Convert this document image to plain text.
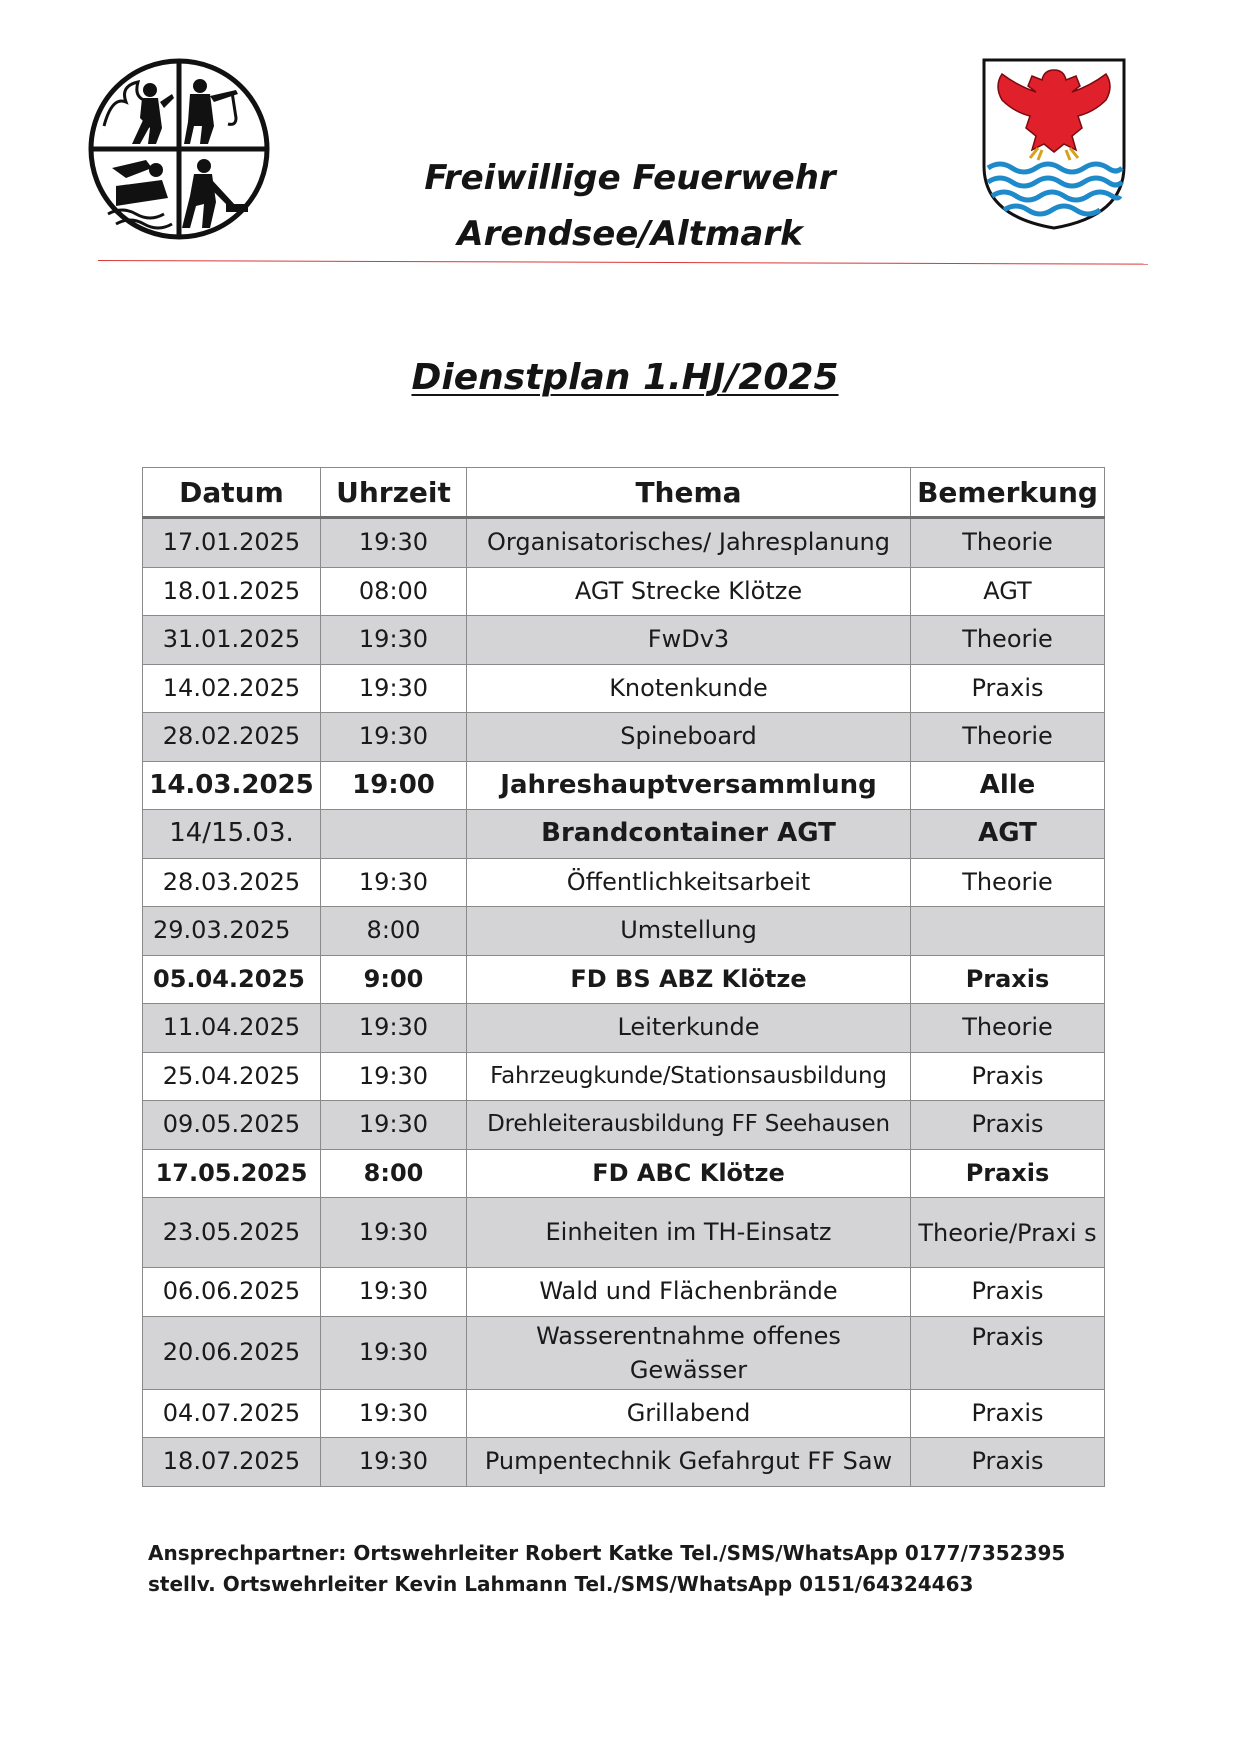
Freiwillige Feuerwehr
Arendsee/Altmark
Dienstplan 1.HJ/2025
Datum	Uhrzeit	Thema	Bemerkung
17.01.2025	19:30	Organisatorisches/ Jahresplanung	Theorie
18.01.2025	08:00	AGT Strecke Klötze	AGT
31.01.2025	19:30	FwDv3	Theorie
14.02.2025	19:30	Knotenkunde	Praxis
28.02.2025	19:30	Spineboard	Theorie
14.03.2025	19:00	Jahreshauptversammlung	Alle
14/15.03.		Brandcontainer AGT	AGT
28.03.2025	19:30	Öffentlichkeitsarbeit	Theorie
29.03.2025	8:00	Umstellung	
05.04.2025	9:00	FD BS ABZ Klötze	Praxis
11.04.2025	19:30	Leiterkunde	Theorie
25.04.2025	19:30	Fahrzeugkunde/Stationsausbildung	Praxis
09.05.2025	19:30	Drehleiterausbildung FF Seehausen	Praxis
17.05.2025	8:00	FD ABC Klötze	Praxis
23.05.2025	19:30	Einheiten im TH-Einsatz	Theorie/Praxi s
06.06.2025	19:30	Wald und Flächenbrände	Praxis
20.06.2025	19:30	Wasserentnahme offenes Gewässer	Praxis
04.07.2025	19:30	Grillabend	Praxis
18.07.2025	19:30	Pumpentechnik Gefahrgut FF Saw	Praxis
Ansprechpartner: Ortswehrleiter Robert Katke Tel./SMS/WhatsApp 0177/7352395
stellv. Ortswehrleiter Kevin Lahmann Tel./SMS/WhatsApp 0151/64324463
